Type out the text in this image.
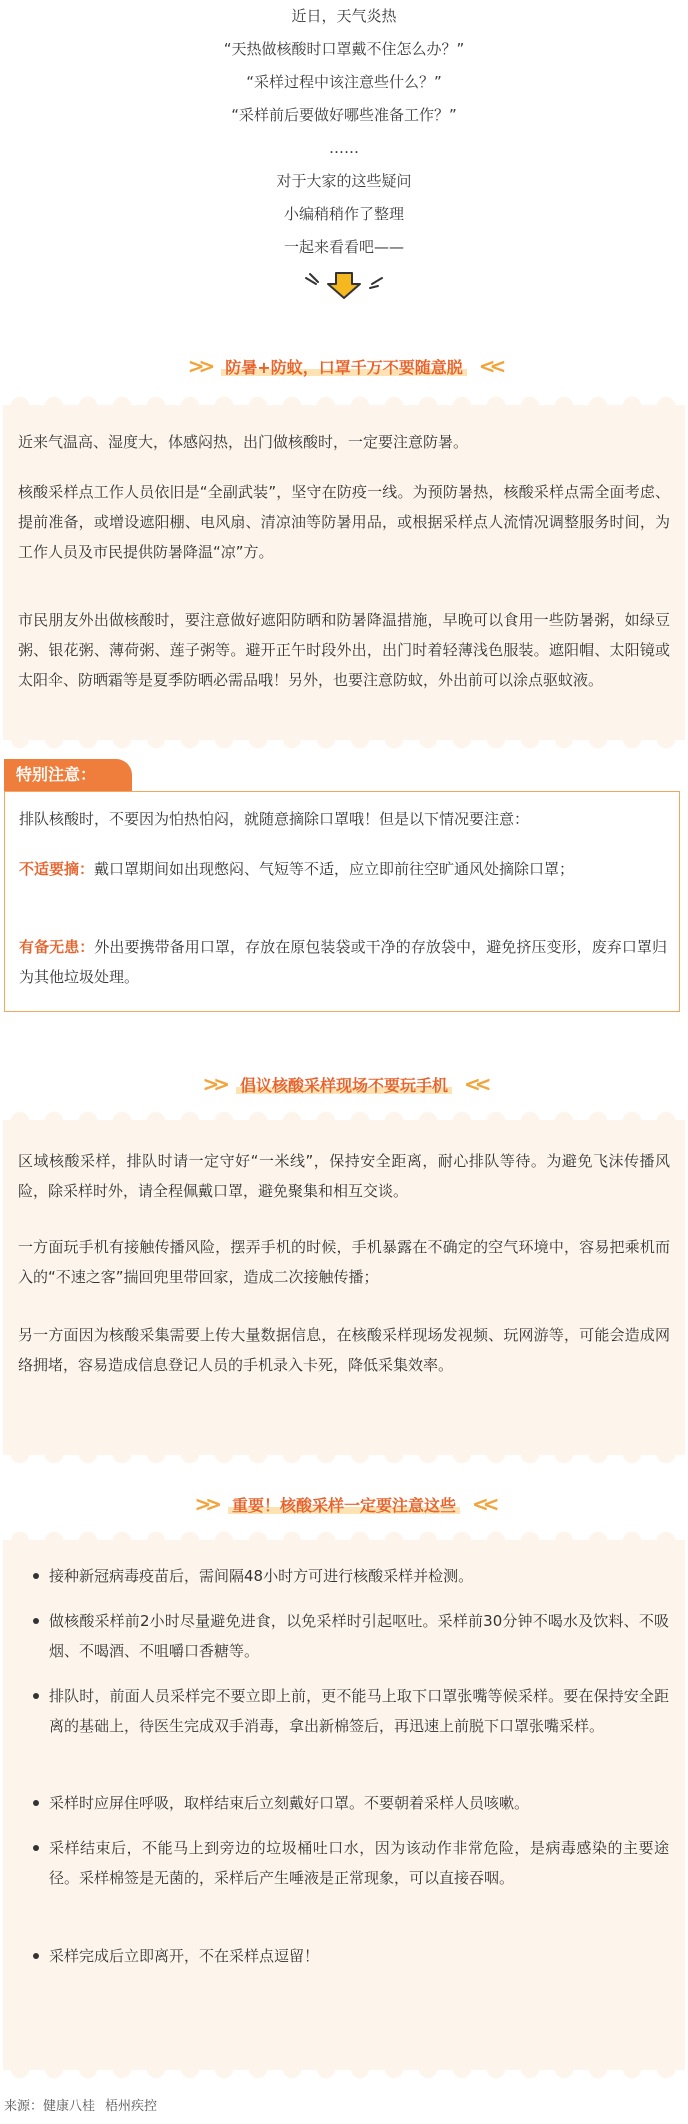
近日，天气炎热
“天热做核酸时口罩戴不住怎么办？”
“采样过程中该注意些什么？”
“采样前后要做好哪些准备工作？”
……
对于大家的这些疑问
小编稍稍作了整理
一起来看看吧——
>> 防暑+防蚊，口罩千万不要随意脱 <<
近来气温高、湿度大，体感闷热，出门做核酸时，一定要注意防暑。
核酸采样点工作人员依旧是“全副武装”，坚守在防疫一线。为预防暑热，核酸采样点需全面考虑、提前准备，或增设遮阳棚、电风扇、清凉油等防暑用品，或根据采样点人流情况调整服务时间，为工作人员及市民提供防暑降温“凉”方。
市民朋友外出做核酸时，要注意做好遮阳防晒和防暑降温措施，早晚可以食用一些防暑粥，如绿豆粥、银花粥、薄荷粥、莲子粥等。避开正午时段外出，出门时着轻薄浅色服装。遮阳帽、太阳镜或太阳伞、防晒霜等是夏季防晒必需品哦！另外，也要注意防蚊，外出前可以涂点驱蚊液。
特别注意：
排队核酸时，不要因为怕热怕闷，就随意摘除口罩哦！但是以下情况要注意：
不适要摘：戴口罩期间如出现憋闷、气短等不适，应立即前往空旷通风处摘除口罩；
有备无患：外出要携带备用口罩，存放在原包装袋或干净的存放袋中，避免挤压变形，废弃口罩归为其他垃圾处理。
>> 倡议核酸采样现场不要玩手机 <<
区域核酸采样，排队时请一定守好“一米线”，保持安全距离，耐心排队等待。为避免飞沫传播风险，除采样时外，请全程佩戴口罩，避免聚集和相互交谈。
一方面玩手机有接触传播风险，摆弄手机的时候，手机暴露在不确定的空气环境中，容易把乘机而入的“不速之客”揣回兜里带回家，造成二次接触传播；
另一方面因为核酸采集需要上传大量数据信息，在核酸采样现场发视频、玩网游等，可能会造成网络拥堵，容易造成信息登记人员的手机录入卡死，降低采集效率。
>> 重要！核酸采样一定要注意这些 <<
接种新冠病毒疫苗后，需间隔48小时方可进行核酸采样并检测。
做核酸采样前2小时尽量避免进食，以免采样时引起呕吐。采样前30分钟不喝水及饮料、不吸烟、不喝酒、不咀嚼口香糖等。
排队时，前面人员采样完不要立即上前，更不能马上取下口罩张嘴等候采样。要在保持安全距离的基础上，待医生完成双手消毒，拿出新棉签后，再迅速上前脱下口罩张嘴采样。
采样时应屏住呼吸，取样结束后立刻戴好口罩。不要朝着采样人员咳嗽。
采样结束后，不能马上到旁边的垃圾桶吐口水，因为该动作非常危险，是病毒感染的主要途径。采样棉签是无菌的，采样后产生唾液是正常现象，可以直接吞咽。
采样完成后立即离开，不在采样点逗留！
来源：健康八桂 梧州疾控
